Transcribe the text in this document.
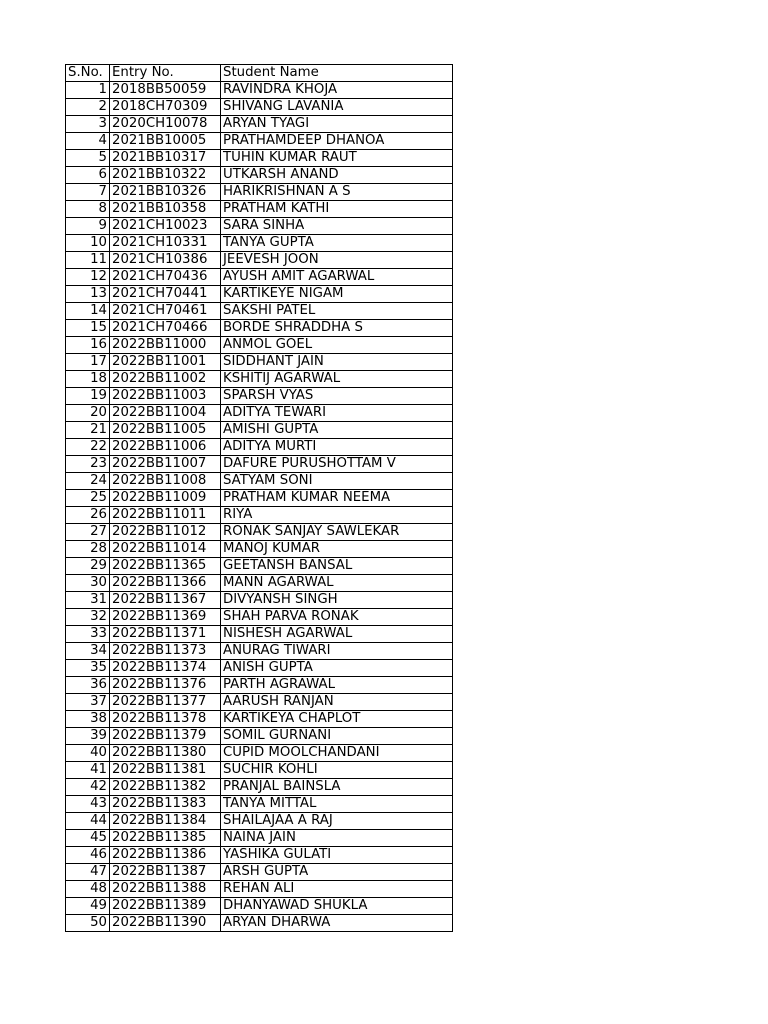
S.No.	Entry No.	Student Name
1	2018BB50059	RAVINDRA KHOJA
2	2018CH70309	SHIVANG LAVANIA
3	2020CH10078	ARYAN TYAGI
4	2021BB10005	PRATHAMDEEP DHANOA
5	2021BB10317	TUHIN KUMAR RAUT
6	2021BB10322	UTKARSH ANAND
7	2021BB10326	HARIKRISHNAN A S
8	2021BB10358	PRATHAM KATHI
9	2021CH10023	SARA SINHA
10	2021CH10331	TANYA GUPTA
11	2021CH10386	JEEVESH JOON
12	2021CH70436	AYUSH AMIT AGARWAL
13	2021CH70441	KARTIKEYE NIGAM
14	2021CH70461	SAKSHI PATEL
15	2021CH70466	BORDE SHRADDHA S
16	2022BB11000	ANMOL GOEL
17	2022BB11001	SIDDHANT JAIN
18	2022BB11002	KSHITIJ AGARWAL
19	2022BB11003	SPARSH VYAS
20	2022BB11004	ADITYA TEWARI
21	2022BB11005	AMISHI GUPTA
22	2022BB11006	ADITYA MURTI
23	2022BB11007	DAFURE PURUSHOTTAM V
24	2022BB11008	SATYAM SONI
25	2022BB11009	PRATHAM KUMAR NEEMA
26	2022BB11011	RIYA
27	2022BB11012	RONAK SANJAY SAWLEKAR
28	2022BB11014	MANOJ KUMAR
29	2022BB11365	GEETANSH BANSAL
30	2022BB11366	MANN AGARWAL
31	2022BB11367	DIVYANSH SINGH
32	2022BB11369	SHAH PARVA RONAK
33	2022BB11371	NISHESH AGARWAL
34	2022BB11373	ANURAG TIWARI
35	2022BB11374	ANISH GUPTA
36	2022BB11376	PARTH AGRAWAL
37	2022BB11377	AARUSH RANJAN
38	2022BB11378	KARTIKEYA CHAPLOT
39	2022BB11379	SOMIL GURNANI
40	2022BB11380	CUPID MOOLCHANDANI
41	2022BB11381	SUCHIR KOHLI
42	2022BB11382	PRANJAL BAINSLA
43	2022BB11383	TANYA MITTAL
44	2022BB11384	SHAILAJAA A RAJ
45	2022BB11385	NAINA JAIN
46	2022BB11386	YASHIKA GULATI
47	2022BB11387	ARSH GUPTA
48	2022BB11388	REHAN ALI
49	2022BB11389	DHANYAWAD SHUKLA
50	2022BB11390	ARYAN DHARWA
